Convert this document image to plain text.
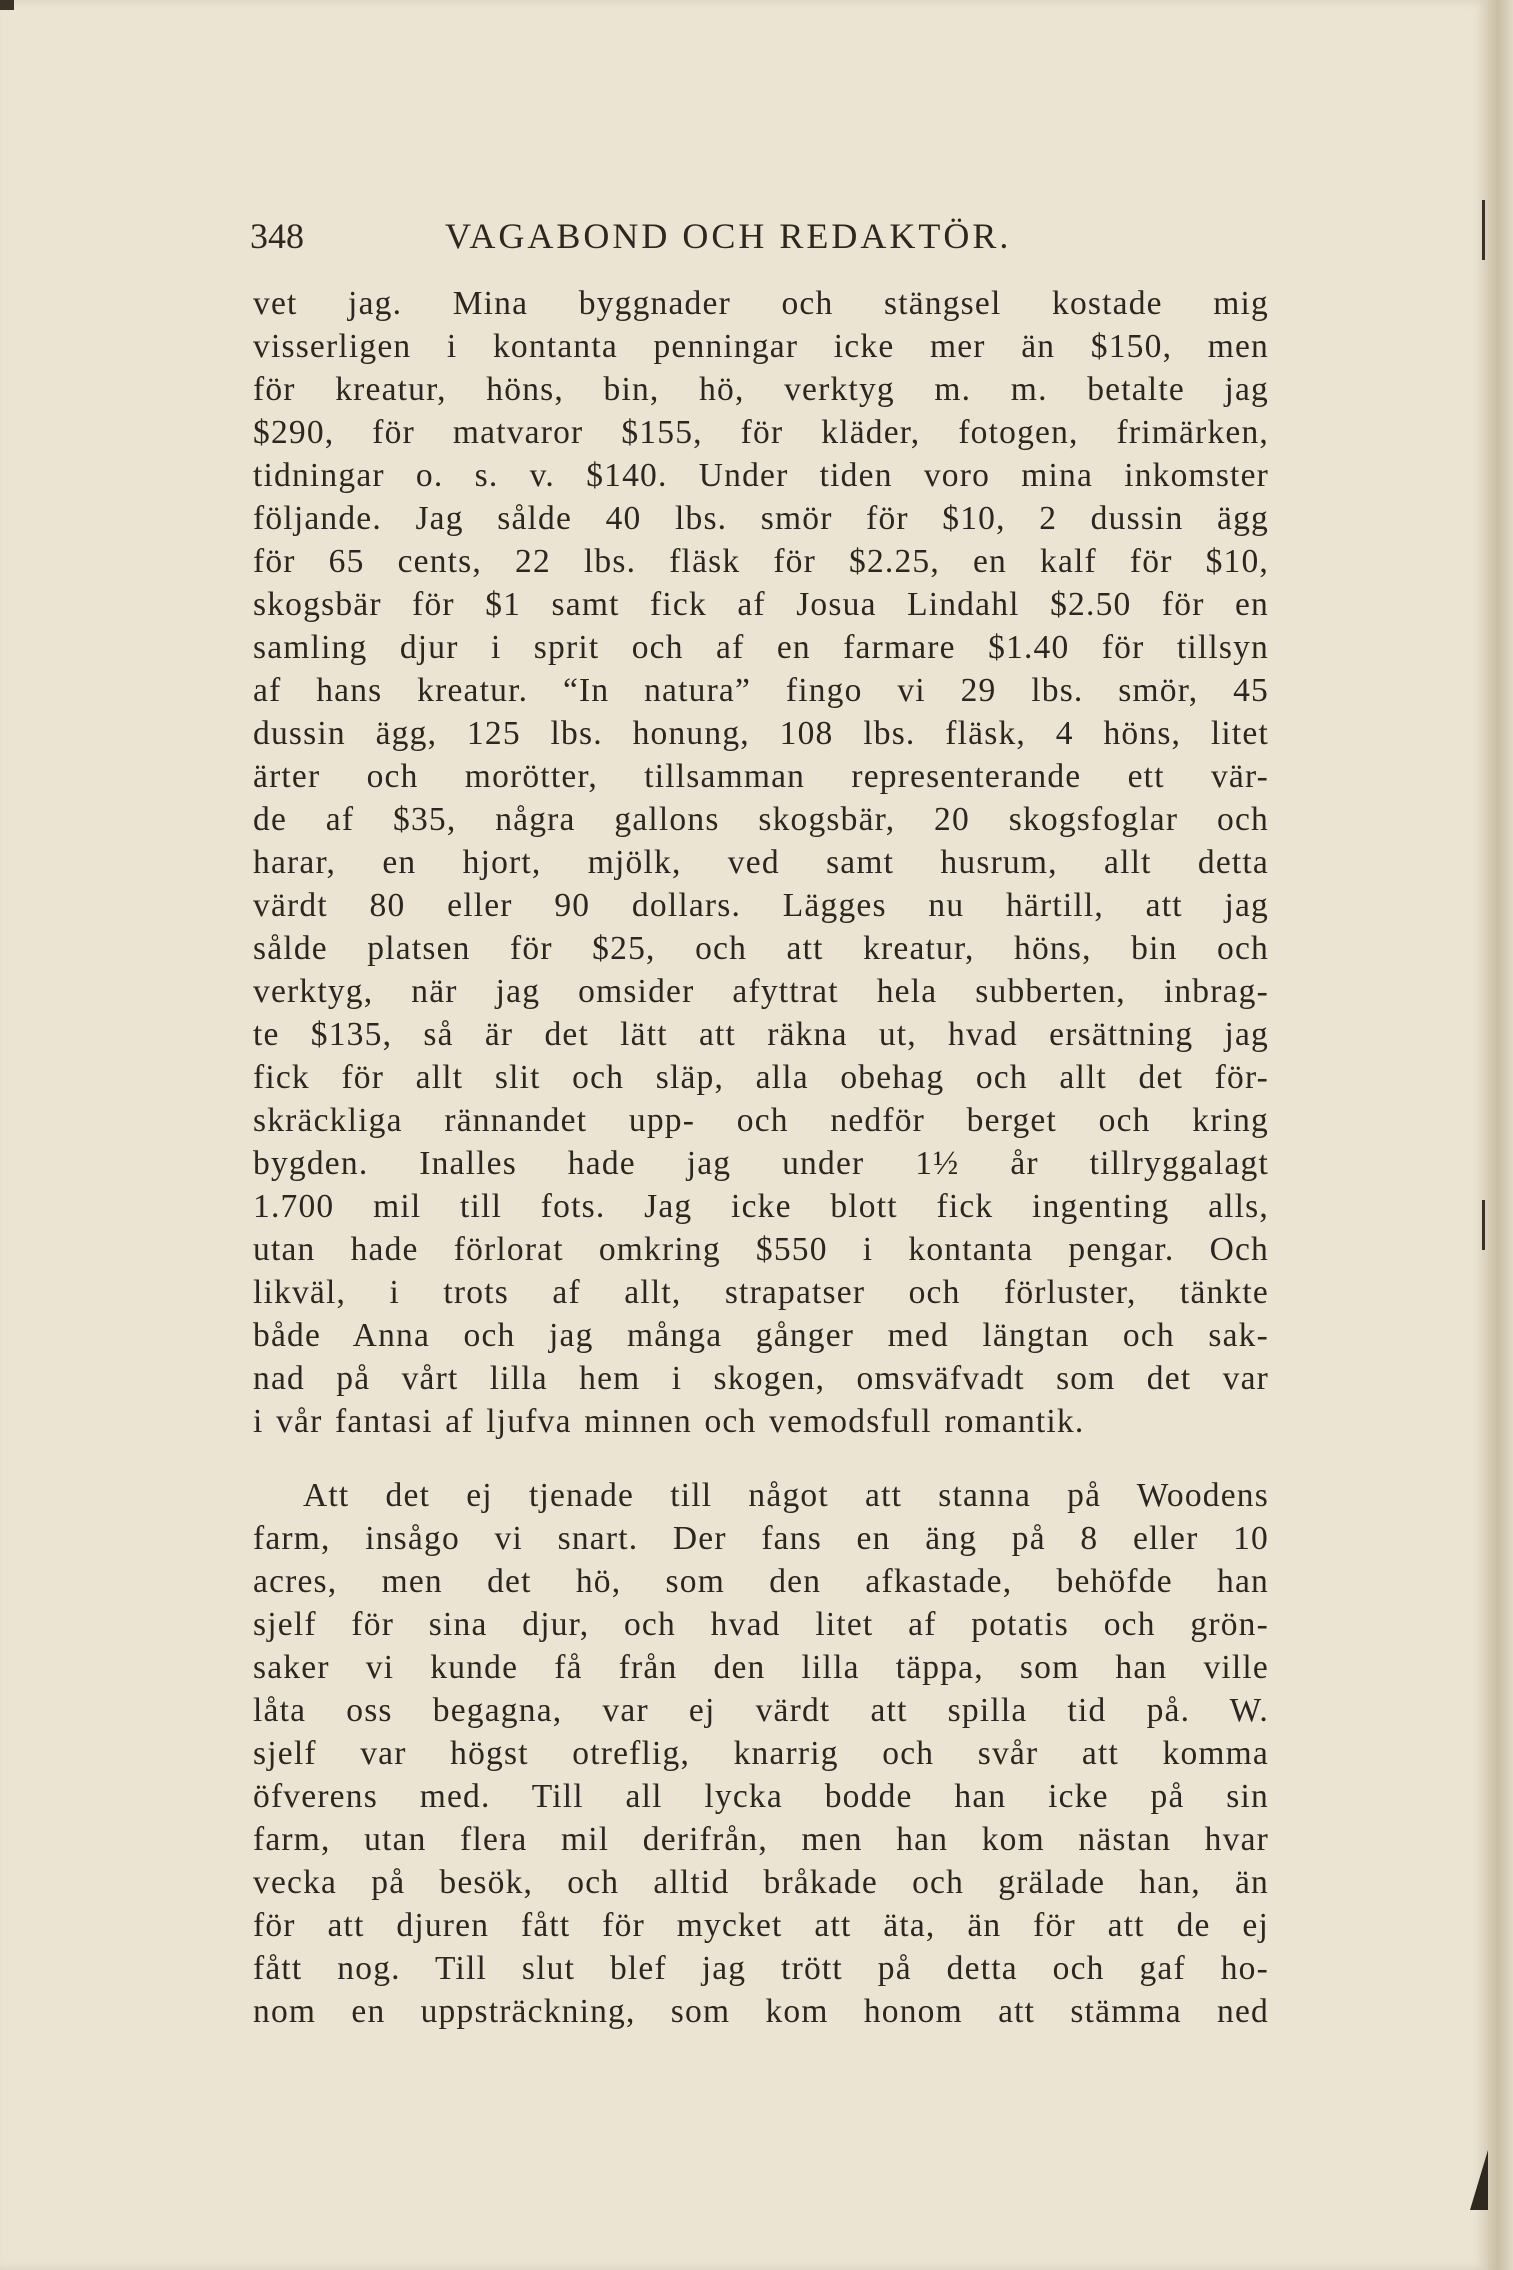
348	VAGABOND OCH REDAKTÖR.
vet jag. Mina byggnader och stängsel kostade mig
visserligen i kontanta penningar icke mer än $150, men
för kreatur, höns, bin, hö, verktyg m. m. betalte jag
$290, för matvaror $155, för kläder, fotogen, frimärken,
tidningar o. s. v. $140. Under tiden voro mina inkomster
följande. Jag sålde 40 lbs. smör för $10, 2 dussin ägg
för 65 cents, 22 lbs. fläsk för $2.25, en kalf för $10,
skogsbär för $1 samt fick af Josua Lindahl $2.50 för en
samling djur i sprit och af en farmare $1.40 för tillsyn
af hans kreatur. “In natura” fingo vi 29 lbs. smör, 45
dussin ägg, 125 lbs. honung, 108 lbs. fläsk, 4 höns, litet
ärter och morötter, tillsamman representerande ett vär-
de af $35, några gallons skogsbär, 20 skogsfoglar och
harar, en hjort, mjölk, ved samt husrum, allt detta
värdt 80 eller 90 dollars. Lägges nu härtill, att jag
sålde platsen för $25, och att kreatur, höns, bin och
verktyg, när jag omsider afyttrat hela subberten, inbrag-
te $135, så är det lätt att räkna ut, hvad ersättning jag
fick för allt slit och släp, alla obehag och allt det för-
skräckliga rännandet upp- och nedför berget och kring
bygden. Inalles hade jag under 1½ år tillryggalagt
1.700 mil till fots. Jag icke blott fick ingenting alls,
utan hade förlorat omkring $550 i kontanta pengar. Och
likväl, i trots af allt, strapatser och förluster, tänkte
både Anna och jag många gånger med längtan och sak-
nad på vårt lilla hem i skogen, omsväfvadt som det var
i vår fantasi af ljufva minnen och vemodsfull romantik.
Att det ej tjenade till något att stanna på Woodens
farm, insågo vi snart. Der fans en äng på 8 eller 10
acres, men det hö, som den afkastade, behöfde han
sjelf för sina djur, och hvad litet af potatis och grön-
saker vi kunde få från den lilla täppa, som han ville
låta oss begagna, var ej värdt att spilla tid på. W.
sjelf var högst otreflig, knarrig och svår att komma
öfverens med. Till all lycka bodde han icke på sin
farm, utan flera mil derifrån, men han kom nästan hvar
vecka på besök, och alltid bråkade och grälade han, än
för att djuren fått för mycket att äta, än för att de ej
fått nog. Till slut blef jag trött på detta och gaf ho-
nom en uppsträckning, som kom honom att stämma ned
